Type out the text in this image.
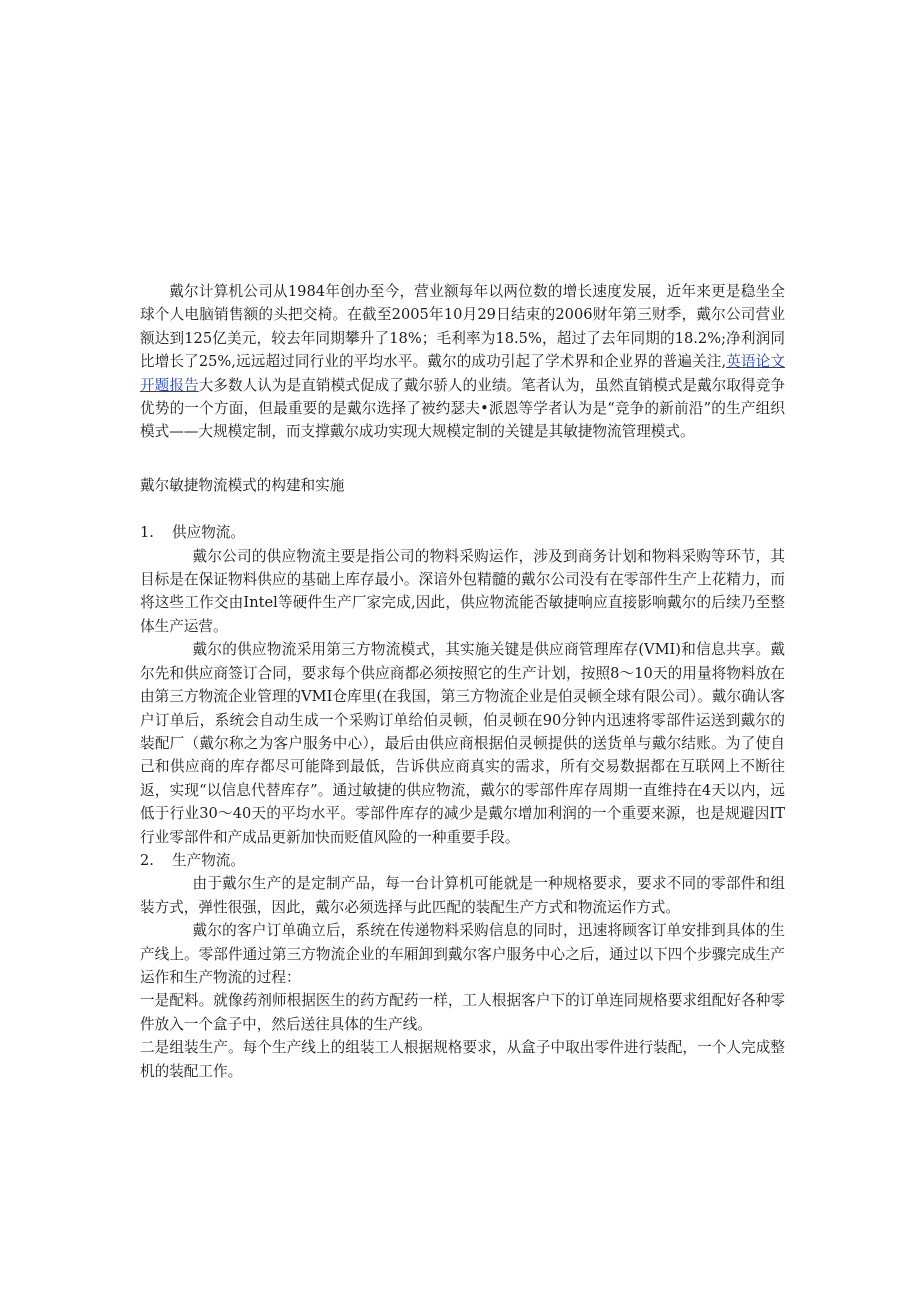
戴尔计算机公司从1984年创办至今，营业额每年以两位数的增长速度发展，近年来更是稳坐全球个人电脑销售额的头把交椅。在截至2005年10月29日结束的2006财年第三财季，戴尔公司营业额达到125亿美元，较去年同期攀升了18%；毛利率为18.5%，超过了去年同期的18.2%;净利润同比增长了25%,远远超过同行业的平均水平。戴尔的成功引起了学术界和企业界的普遍关注,英语论文开题报告大多数人认为是直销模式促成了戴尔骄人的业绩。笔者认为，虽然直销模式是戴尔取得竞争优势的一个方面，但最重要的是戴尔选择了被约瑟夫•派恩等学者认为是“竞争的新前沿”的生产组织模式——大规模定制，而支撑戴尔成功实现大规模定制的关键是其敏捷物流管理模式。

戴尔敏捷物流模式的构建和实施

1. 供应物流。

戴尔公司的供应物流主要是指公司的物料采购运作，涉及到商务计划和物料采购等环节，其目标是在保证物料供应的基础上库存最小。深谙外包精髓的戴尔公司没有在零部件生产上花精力，而将这些工作交由Intel等硬件生产厂家完成,因此，供应物流能否敏捷响应直接影响戴尔的后续乃至整体生产运营。

戴尔的供应物流采用第三方物流模式，其实施关键是供应商管理库存(VMI)和信息共享。戴尔先和供应商签订合同，要求每个供应商都必须按照它的生产计划，按照8～10天的用量将物料放在由第三方物流企业管理的VMI仓库里(在我国，第三方物流企业是伯灵顿全球有限公司）。戴尔确认客户订单后，系统会自动生成一个采购订单给伯灵顿，伯灵顿在90分钟内迅速将零部件运送到戴尔的装配厂（戴尔称之为客户服务中心），最后由供应商根据伯灵顿提供的送货单与戴尔结账。为了使自己和供应商的库存都尽可能降到最低，告诉供应商真实的需求，所有交易数据都在互联网上不断往返，实现“以信息代替库存”。通过敏捷的供应物流，戴尔的零部件库存周期一直维持在4天以内，远低于行业30～40天的平均水平。零部件库存的减少是戴尔增加利润的一个重要来源，也是规避因IT行业零部件和产成品更新加快而贬值风险的一种重要手段。

2. 生产物流。

由于戴尔生产的是定制产品，每一台计算机可能就是一种规格要求，要求不同的零部件和组装方式，弹性很强，因此，戴尔必须选择与此匹配的装配生产方式和物流运作方式。

戴尔的客户订单确立后，系统在传递物料采购信息的同时，迅速将顾客订单安排到具体的生产线上。零部件通过第三方物流企业的车厢卸到戴尔客户服务中心之后，通过以下四个步骤完成生产运作和生产物流的过程：

一是配料。就像药剂师根据医生的药方配药一样，工人根据客户下的订单连同规格要求组配好各种零件放入一个盒子中，然后送往具体的生产线。

二是组装生产。每个生产线上的组装工人根据规格要求，从盒子中取出零件进行装配，一个人完成整机的装配工作。
